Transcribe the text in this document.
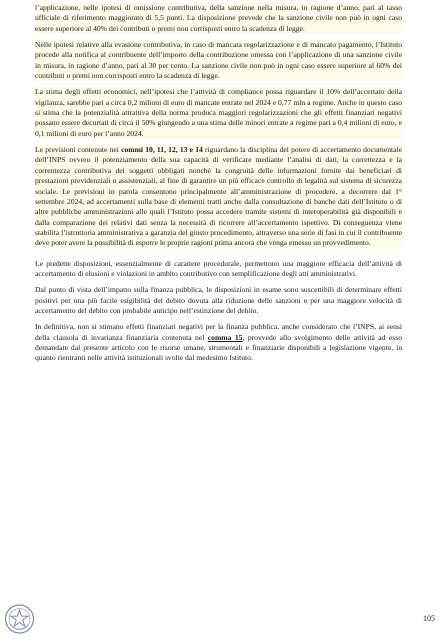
l’applicazione, nelle ipotesi di omissione contributiva, della sanzione nella misura, in ragione d’anno, pari al tasso ufficiale di riferimento maggiorato di 5,5 punti. La disposizione prevede che la sanzione civile non può in ogni caso essere superiore al 40% dei contributi o premi non corrisposti entro la scadenza di legge.

Nelle ipotesi relative alla evasione contributiva, in caso di mancata regolarizzazione e di mancato pagamento, l’Istituto procede alla notifica al contribuente dell’importo della contribuzione omessa con l’applicazione di una sanzione civile in misura, in ragione d’anno, pari al 30 per cento. La sanzione civile non può in ogni caso essere superiore al 60% dei contributi o premi non corrisposti entro la scadenza di legge.

La stima degli effetti economici, nell’ipotesi che l’attività di compliance possa riguardare il 10% dell’accertato della vigilanza, sarebbe pari a circa 0,2 milioni di euro di mancate entrate nel 2024 e 0,77 mln a regime. Anche in questo caso si stima che la potenzialità attrattiva della norma produca maggiori regolarizzazioni che gli effetti finanziari negativi possano essere decurtati di circa il 50% giungendo a una stima delle minori entrate a regime pari a 0,4 milioni di euro, e 0,1 milioni di euro per l’anno 2024.

Le previsioni contenute nei commi 10, 11, 12, 13 e 14 riguardano la disciplina del potere di accertamento documentale dell’INPS ovvero il potenziamento della sua capacità di verificare mediante l’analisi di dati, la correttezza e la correntezza contributiva dei soggetti obbligati nonché la congruità delle informazioni fornite dai beneficiari di prestazioni previdenziali o assistenziali, al fine di garantire un più efficace controllo di legalità sul sistema di sicurezza sociale. Le previsioni in parola consentono principalmente all’amministrazione di procedere, a decorrere dal 1° settembre 2024, ad accertamenti sulla base di elementi tratti anche dalla consultazione di banche dati dell’Istituto o di altre pubbliche amministrazioni alle quali l’Istituto possa accedere tramite sistemi di interoperabilità già disponibili e dalla comparazione dei relativi dati senza la necessità di ricorrere all’accertamento ispettivo. Di conseguenza viene stabilita l’istruttoria amministrativa a garanzia del giusto procedimento, attraverso una serie di fasi in cui il contribuente deve poter avere la possibilità di esporre le proprie ragioni prima ancora che venga emesso un provvedimento.

Le predette disposizioni, essenzialmente di carattere procedurale, permettono una maggiore efficacia dell’attività di accertamento di elusioni e violazioni in ambito contributivo con semplificazione degli atti amministrativi.

Dal punto di vista dell’impatto sulla finanza pubblica, le disposizioni in esame sono suscettibili di determinare effetti positivi per una più facile esigibilità del debito dovuta alla riduzione delle sanzioni e per una maggiore velocità di accertamento del debito con probabile anticipo nell’estinzione del debito.

In definitiva, non si stimano effetti finanziari negativi per la finanza pubblica, anche considerato che l’INPS, ai sensi della clausola di invarianza finanziaria contenuta nel comma 15, provvede allo svolgimento delle attività ad esso demandate dal presente articolo con le risorse umane, strumentali e finanziarie disponibili a legislazione vigente, in quanto rientranti nelle attività istituzionali svolte dal medesimo Istituto.

105
